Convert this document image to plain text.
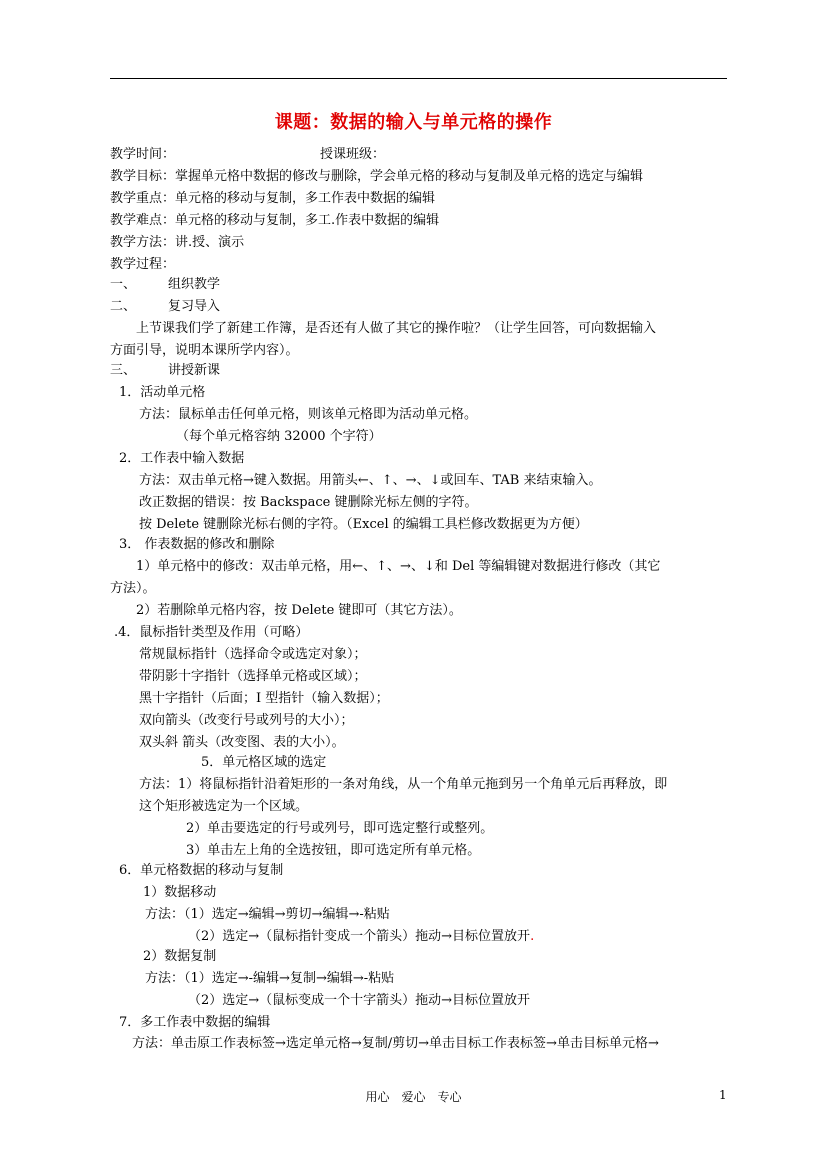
课题：数据的输入与单元格的操作
教学时间：	授课班级：
教学目标：掌握单元格中数据的修改与删除，学会单元格的移动与复制及单元格的选定与编辑
教学重点：单元格的移动与复制，多工作表中数据的编辑
教学难点：单元格的移动与复制，多工.作表中数据的编辑
教学方法：讲.授、演示
教学过程：
一、 组织教学
二、 复习导入
上节课我们学了新建工作簿，是否还有人做了其它的操作啦？（让学生回答，可向数据输入
方面引导，说明本课所学内容）。
三、 讲授新课
1．活动单元格
方法：鼠标单击任何单元格，则该单元格即为活动单元格。
（每个单元格容纳 32000 个字符）
2．工作表中输入数据
方法：双击单元格→键入数据。用箭头←、↑、→、↓或回车、TAB 来结束输入。
改正数据的错误：按 Backspace 键删除光标左侧的字符。
按 Delete 键删除光标右侧的字符。（Excel 的编辑工具栏修改数据更为方便）
3． 作表数据的修改和删除
1）单元格中的修改：双击单元格，用←、↑、→、↓和 Del 等编辑键对数据进行修改（其它
方法）。
2）若删除单元格内容，按 Delete 键即可（其它方法）。
.4．鼠标指针类型及作用（可略）
常规鼠标指针（选择命令或选定对象）；
带阴影十字指针（选择单元格或区域）；
黑十字指针（后面；I 型指针（输入数据）；
双向箭头（改变行号或列号的大小）；
双头斜 箭头（改变图、表的大小）。
5．单元格区域的选定
方法：1）将鼠标指针沿着矩形的一条对角线，从一个角单元拖到另一个角单元后再释放，即
这个矩形被选定为一个区域。
2）单击要选定的行号或列号，即可选定整行或整列。
3）单击左上角的全选按钮，即可选定所有单元格。
6．单元格数据的移动与复制
1）数据移动
方法：（1）选定→编辑→剪切→编辑→-粘贴
（2）选定→（鼠标指针变成一个箭头）拖动→目标位置放开.
2）数据复制
方法：（1）选定→-编辑→复制→编辑→-粘贴
（2）选定→（鼠标变成一个十字箭头）拖动→目标位置放开
7．多工作表中数据的编辑
方法：单击原工作表标签→选定单元格→复制/剪切→单击目标工作表标签→单击目标单元格→
用心　爱心　专心	1
